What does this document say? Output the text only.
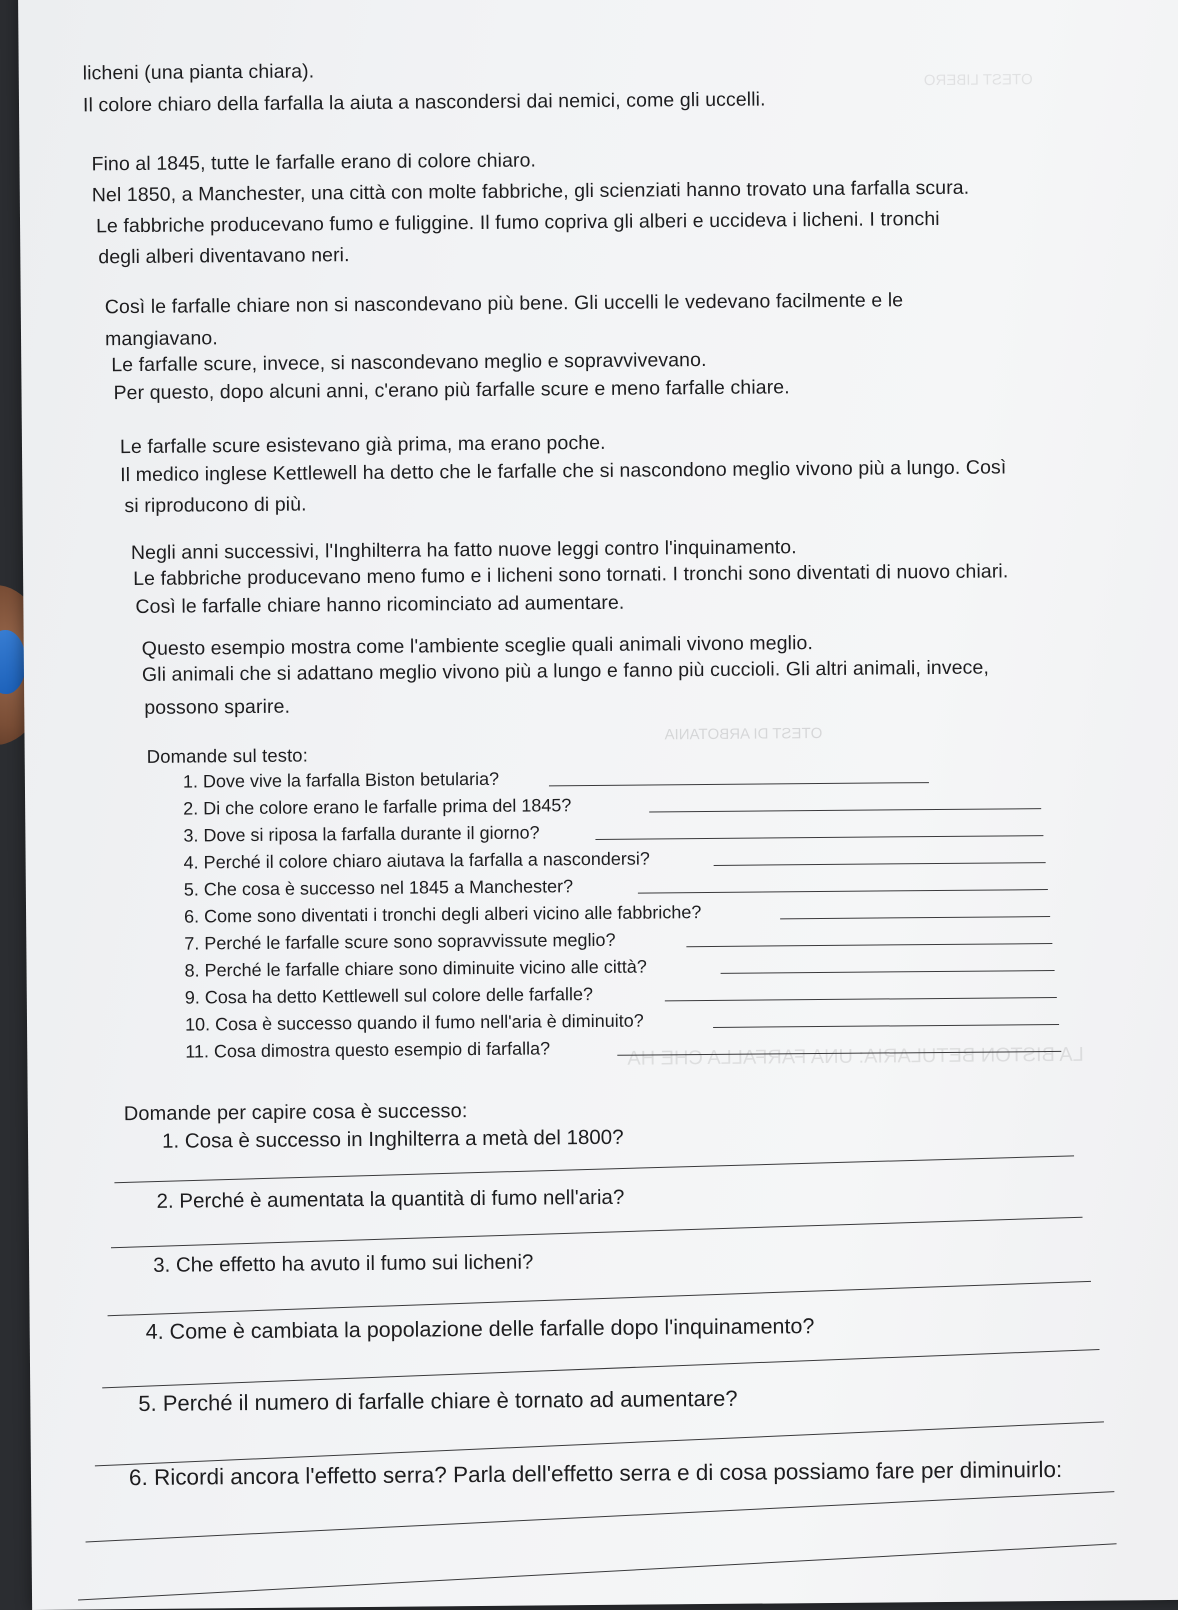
OTEST LIBERO
OTEST DI ARBOTANIA
LA BISTON BETULARIA: UNA FARFALLA CHE HA
licheni (una pianta chiara).
Il colore chiaro della farfalla la aiuta a nascondersi dai nemici, come gli uccelli.
Fino al 1845, tutte le farfalle erano di colore chiaro.
Nel 1850, a Manchester, una città con molte fabbriche, gli scienziati hanno trovato una farfalla scura.
Le fabbriche producevano fumo e fuliggine. Il fumo copriva gli alberi e uccideva i licheni. I tronchi
degli alberi diventavano neri.
Così le farfalle chiare non si nascondevano più bene. Gli uccelli le vedevano facilmente e le
mangiavano.
Le farfalle scure, invece, si nascondevano meglio e sopravvivevano.
Per questo, dopo alcuni anni, c'erano più farfalle scure e meno farfalle chiare.
Le farfalle scure esistevano già prima, ma erano poche.
Il medico inglese Kettlewell ha detto che le farfalle che si nascondono meglio vivono più a lungo. Così
si riproducono di più.
Negli anni successivi, l'Inghilterra ha fatto nuove leggi contro l'inquinamento.
Le fabbriche producevano meno fumo e i licheni sono tornati. I tronchi sono diventati di nuovo chiari.
Così le farfalle chiare hanno ricominciato ad aumentare.
Questo esempio mostra come l'ambiente sceglie quali animali vivono meglio.
Gli animali che si adattano meglio vivono più a lungo e fanno più cuccioli. Gli altri animali, invece,
possono sparire.
Domande sul testo:
1. Dove vive la farfalla Biston betularia?
2. Di che colore erano le farfalle prima del 1845?
3. Dove si riposa la farfalla durante il giorno?
4. Perché il colore chiaro aiutava la farfalla a nascondersi?
5. Che cosa è successo nel 1845 a Manchester?
6. Come sono diventati i tronchi degli alberi vicino alle fabbriche?
7. Perché le farfalle scure sono sopravvissute meglio?
8. Perché le farfalle chiare sono diminuite vicino alle città?
9. Cosa ha detto Kettlewell sul colore delle farfalle?
10. Cosa è successo quando il fumo nell'aria è diminuito?
11. Cosa dimostra questo esempio di farfalla?
Domande per capire cosa è successo:
1. Cosa è successo in Inghilterra a metà del 1800?
2. Perché è aumentata la quantità di fumo nell'aria?
3. Che effetto ha avuto il fumo sui licheni?
4. Come è cambiata la popolazione delle farfalle dopo l'inquinamento?
5. Perché il numero di farfalle chiare è tornato ad aumentare?
6. Ricordi ancora l'effetto serra? Parla dell'effetto serra e di cosa possiamo fare per diminuirlo:
